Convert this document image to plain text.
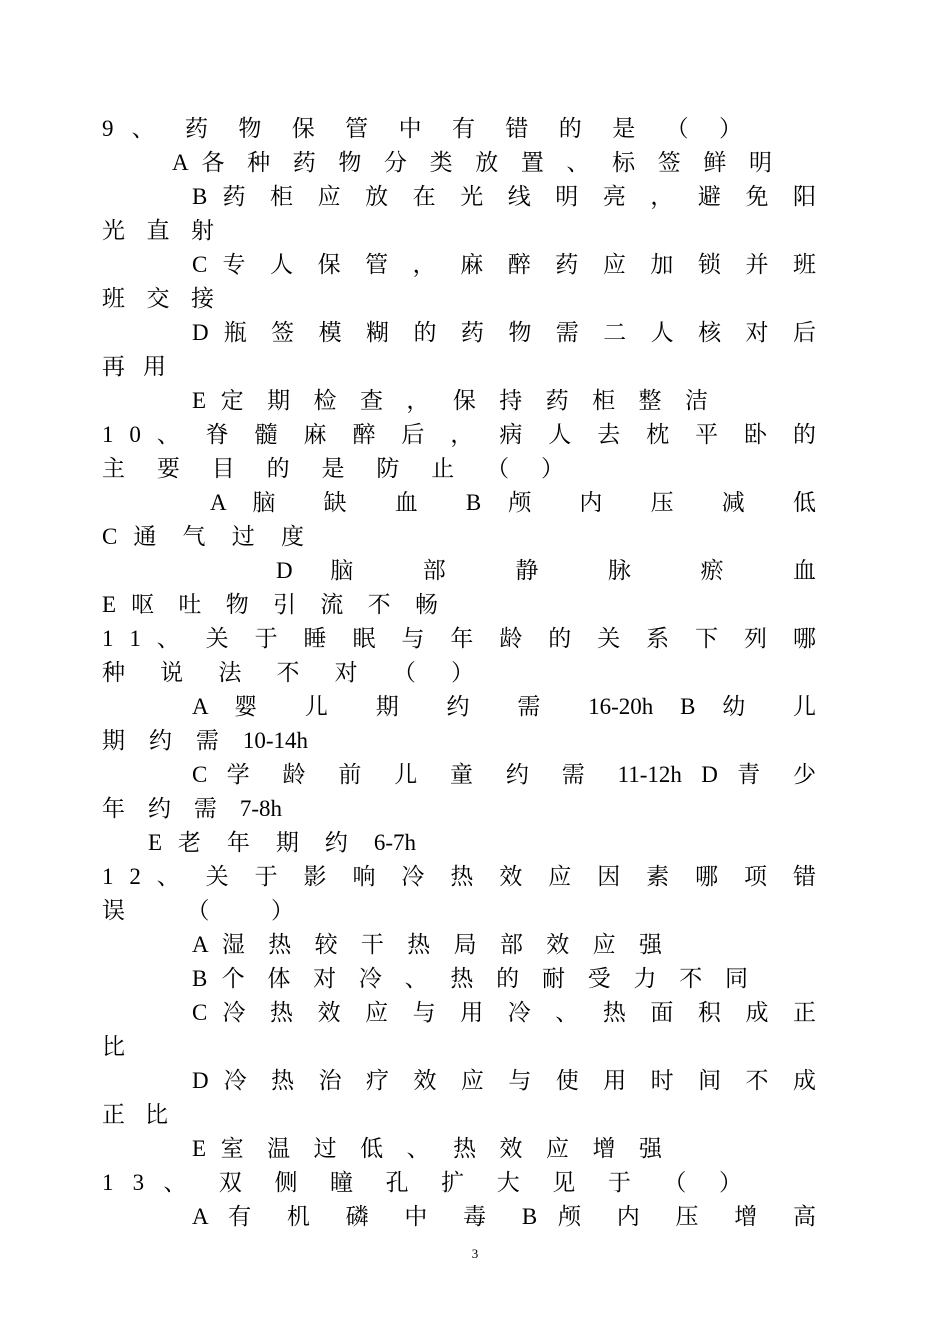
9 、 药 物 保 管 中 有 错 的 是 （ ）
A 各 种 药 物 分 类 放 置 、 标 签 鲜 明
B 药 柜 应 放 在 光 线 明 亮 ， 避 免 阳
光 直 射
C 专 人 保 管 ， 麻 醉 药 应 加 锁 并 班
班 交 接
D 瓶 签 模 糊 的 药 物 需 二 人 核 对 后
再 用
E 定 期 检 查 ， 保 持 药 柜 整 洁
1 0 、 脊 髓 麻 醉 后 ， 病 人 去 枕 平 卧 的
主 要 目 的 是 防 止 （ ）
A 脑 缺 血 B 颅 内 压 减 低
C 通 气 过 度
D 脑 部 静 脉 瘀 血
E 呕 吐 物 引 流 不 畅
1 1 、 关 于 睡 眠 与 年 龄 的 关 系 下 列 哪
种 说 法 不 对 （ ）
A 婴 儿 期 约 需 16-20h B 幼 儿
期 约 需 10-14h
C 学 龄 前 儿 童 约 需 11-12h D 青 少
年 约 需 7-8h
E 老 年 期 约 6-7h
1 2 、 关 于 影 响 冷 热 效 应 因 素 哪 项 错
误 （ ）
A 湿 热 较 干 热 局 部 效 应 强
B 个 体 对 冷 、 热 的 耐 受 力 不 同
C 冷 热 效 应 与 用 冷 、 热 面 积 成 正
比
D 冷 热 治 疗 效 应 与 使 用 时 间 不 成
正 比
E 室 温 过 低 、 热 效 应 增 强
1 3 、 双 侧 瞳 孔 扩 大 见 于 （ ）
A 有 机 磷 中 毒 B 颅 内 压 增 高
3
